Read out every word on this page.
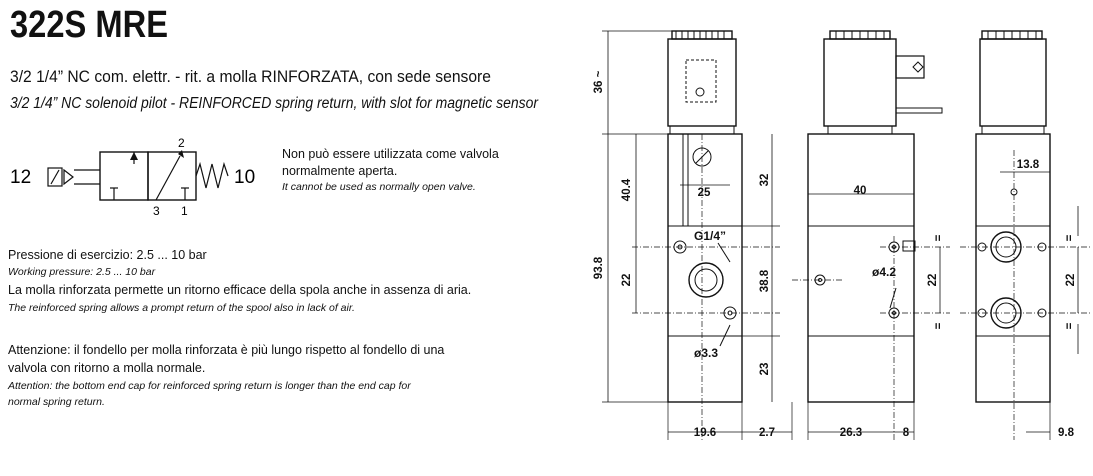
322S MRE
3/2 1/4” NC com. elettr. - rit. a molla RINFORZATA, con sede sensore
3/2 1/4” NC solenoid pilot - REINFORCED spring return, with slot for magnetic sensor
Non può essere utilizzata come valvola normalmente aperta.
It cannot be used as normally open valve.
Pressione di esercizio: 2.5 ... 10 bar
Working pressure: 2.5 ... 10 bar
La molla rinforzata permette un ritorno efficace della spola anche in assenza di aria.
The reinforced spring allows a prompt return of the spool also in lack of air.
Attenzione: il fondello per molla rinforzata è più lungo rispetto al fondello di una
valvola con ritorno a molla normale.
Attention: the bottom end cap for reinforced spring return is longer than the end cap for
normal spring return.
12	10
2
3 1
36 ~
93.8
40.4
22
25
G1/4”
32
38.8
23
ø3.3
19.6	2.7
40
ø4.2
22
26.3	8
13.8
22
9.8
=
=
=
=
